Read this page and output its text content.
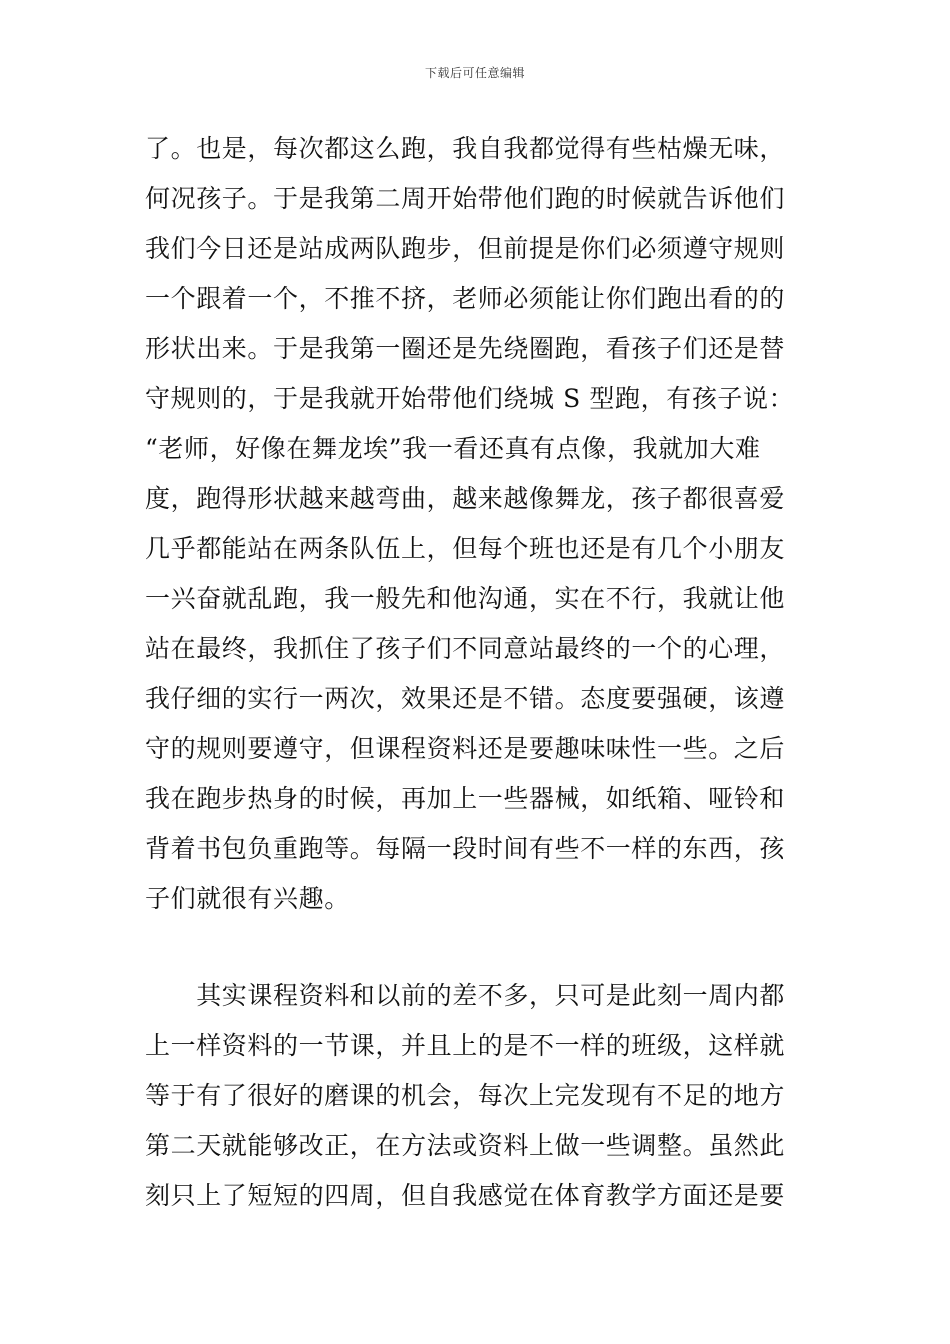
下载后可任意编辑
了。也是，每次都这么跑，我自我都觉得有些枯燥无味，
何况孩子。于是我第二周开始带他们跑的时候就告诉他们
我们今日还是站成两队跑步，但前提是你们必须遵守规则
一个跟着一个，不推不挤，老师必须能让你们跑出看的的
形状出来。于是我第一圈还是先绕圈跑，看孩子们还是替
守规则的，于是我就开始带他们绕城 S 型跑，有孩子说：
“老师，好像在舞龙埃”我一看还真有点像，我就加大难
度，跑得形状越来越弯曲，越来越像舞龙，孩子都很喜爱
几乎都能站在两条队伍上，但每个班也还是有几个小朋友
一兴奋就乱跑，我一般先和他沟通，实在不行，我就让他
站在最终，我抓住了孩子们不同意站最终的一个的心理，
我仔细的实行一两次，效果还是不错。态度要强硬，该遵
守的规则要遵守，但课程资料还是要趣味味性一些。之后
我在跑步热身的时候，再加上一些器械，如纸箱、哑铃和
背着书包负重跑等。每隔一段时间有些不一样的东西，孩
子们就很有兴趣。
　　其实课程资料和以前的差不多，只可是此刻一周内都
上一样资料的一节课，并且上的是不一样的班级，这样就
等于有了很好的磨课的机会，每次上完发现有不足的地方
第二天就能够改正，在方法或资料上做一些调整。虽然此
刻只上了短短的四周，但自我感觉在体育教学方面还是要
